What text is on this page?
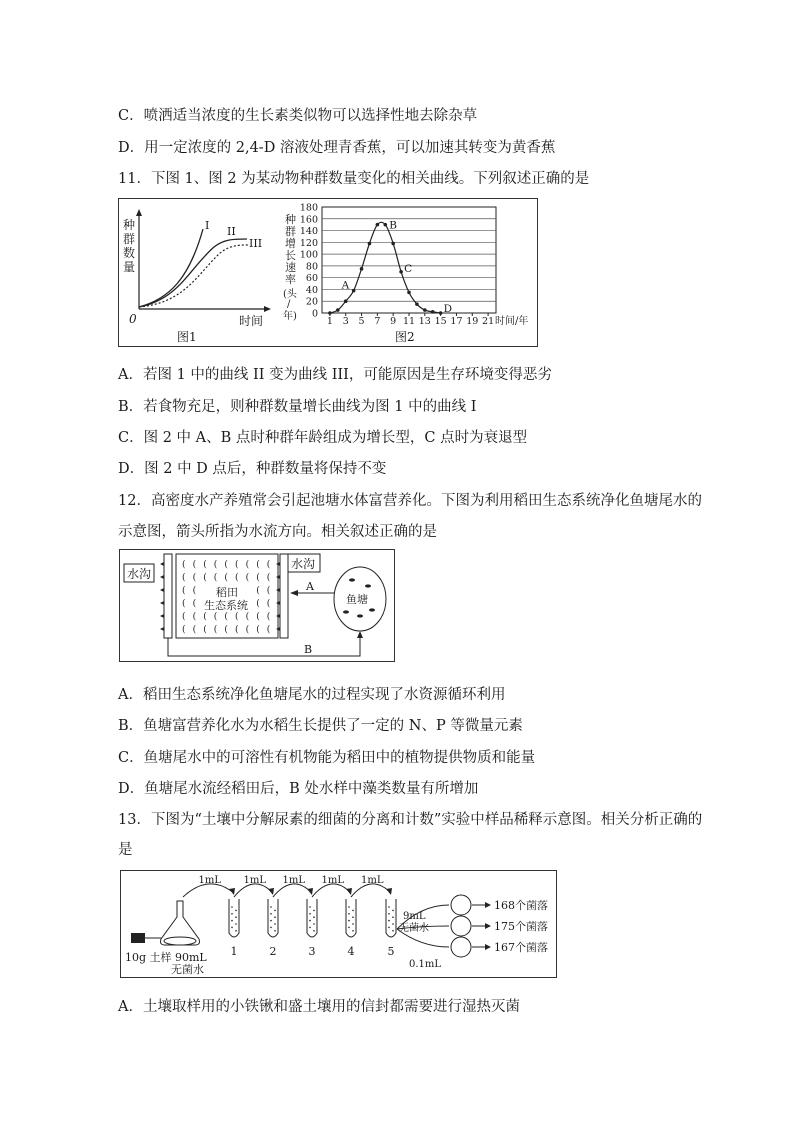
C．喷洒适当浓度的生长素类似物可以选择性地去除杂草
D．用一定浓度的 2,4-D 溶液处理青香蕉，可以加速其转变为黄香蕉
11．下图 1、图 2 为某动物种群数量变化的相关曲线。下列叙述正确的是
种
群
数
量
0	时间
I II
III
图1
种
群
增
长
速
率
(头
/
年) 0
20
40
60
80
100
120
140
160
180
1 3 5 7 9 11 13 15 17 19 21
A
B
C
D
时间/年
图2
A．若图 1 中的曲线 II 变为曲线 III，可能原因是生存环境变得恶劣
B．若食物充足，则种群数量增长曲线为图 1 中的曲线 I
C．图 2 中 A、B 点时种群年龄组成为增长型，C 点时为衰退型
D．图 2 中 D 点后，种群数量将保持不变
12．高密度水产养殖常会引起池塘水体富营养化。下图为利用稻田生态系统净化鱼塘尾水的
示意图，箭头所指为水流方向。相关叙述正确的是
水沟
( ( ( ( ( ( ( ( (
( ( ( ( ( ( ( ( (
( (	( (
( (	( (
( ( ( ( ( ( ( ( (
( ( ( ( ( ( ( ( (
稻田
生态系统
水沟
A
鱼塘
B
A．稻田生态系统净化鱼塘尾水的过程实现了水资源循环利用
B．鱼塘富营养化水为水稻生长提供了一定的 N、P 等微量元素
C．鱼塘尾水中的可溶性有机物能为稻田中的植物提供物质和能量
D．鱼塘尾水流经稻田后，B 处水样中藻类数量有所增加
13．下图为“土壤中分解尿素的细菌的分离和计数”实验中样品稀释示意图。相关分析正确的
是
10g 土样 90mL
无菌水
1	2	3	4	5
1mL 1mL 1mL 1mL 1mL
9mL
无菌水
0.1mL
168个菌落
175个菌落
167个菌落
A．土壤取样用的小铁锹和盛土壤用的信封都需要进行湿热灭菌
